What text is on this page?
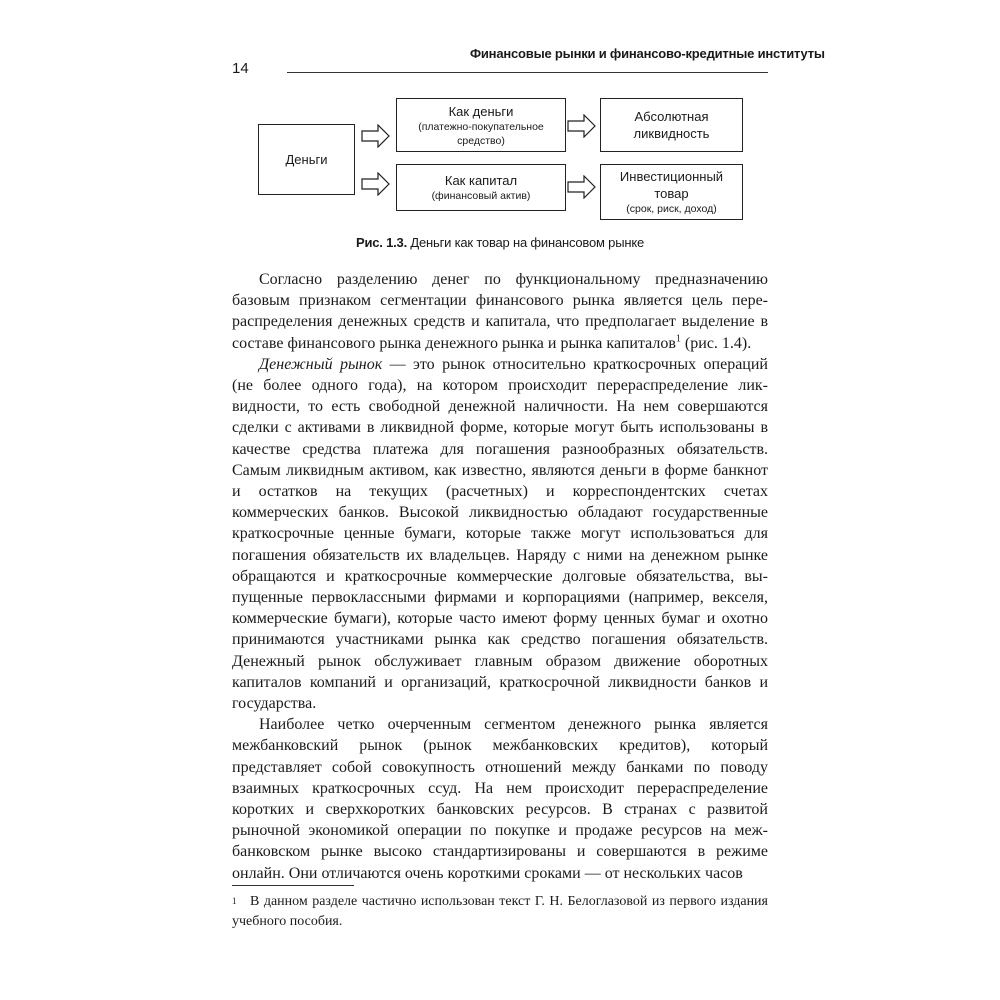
Финансовые рынки и финансово-кредитные институты
14
Деньги
Как деньги
(платежно-покупательное средство)
Как капитал
(финансовый актив)
Абсолютная ликвидность
Инвестиционный товар
(срок, риск, доход)
Рис. 1.3. Деньги как товар на финансовом рынке

Согласно разделению денег по функциональному предназначению базовым признаком сегментации финансового рынка является цель перераспределения денежных средств и капитала, что предполагает выделение в составе финансового рынка денежного рынка и рынка капиталов$^1$ (рис. 1.4).

Денежный рынок — это рынок относительно краткосрочных операций (не более одного года), на котором происходит перераспределение ликвидности, то есть свободной денежной наличности. На нем совершаются сделки с активами в ликвидной форме, которые могут быть использованы в качестве средства платежа для погашения разнообразных обязательств. Самым ликвидным активом, как известно, являются деньги в форме банкнот и остатков на текущих (расчетных) и корреспондентских счетах коммерческих банков. Высокой ликвидностью обладают государственные краткосрочные ценные бумаги, которые также могут использоваться для погашения обязательств их владельцев. Наряду с ними на денежном рынке обращаются и краткосрочные коммерческие долговые обязательства, выпущенные первоклассными фирмами и корпорациями (например, векселя, коммерческие бумаги), которые часто имеют форму ценных бумаг и охотно принимаются участниками рынка как средство погашения обязательств. Денежный рынок обслуживает главным образом движение оборотных капиталов компаний и организаций, краткосрочной ликвидности банков и государства.

Наиболее четко очерченным сегментом денежного рынка является межбанковский рынок (рынок межбанковских кредитов), который представляет собой совокупность отношений между банками по поводу взаимных краткосрочных ссуд. На нем происходит перераспределение коротких и сверхкоротких банковских ресурсов. В странах с развитой рыночной экономикой операции по покупке и продаже ресурсов на межбанковском рынке высоко стандартизированы и совершаются в режиме онлайн. Они отличаются очень короткими сроками — от нескольких часов

1 В данном разделе частично использован текст Г. Н. Белоглазовой из первого издания учебного пособия.
